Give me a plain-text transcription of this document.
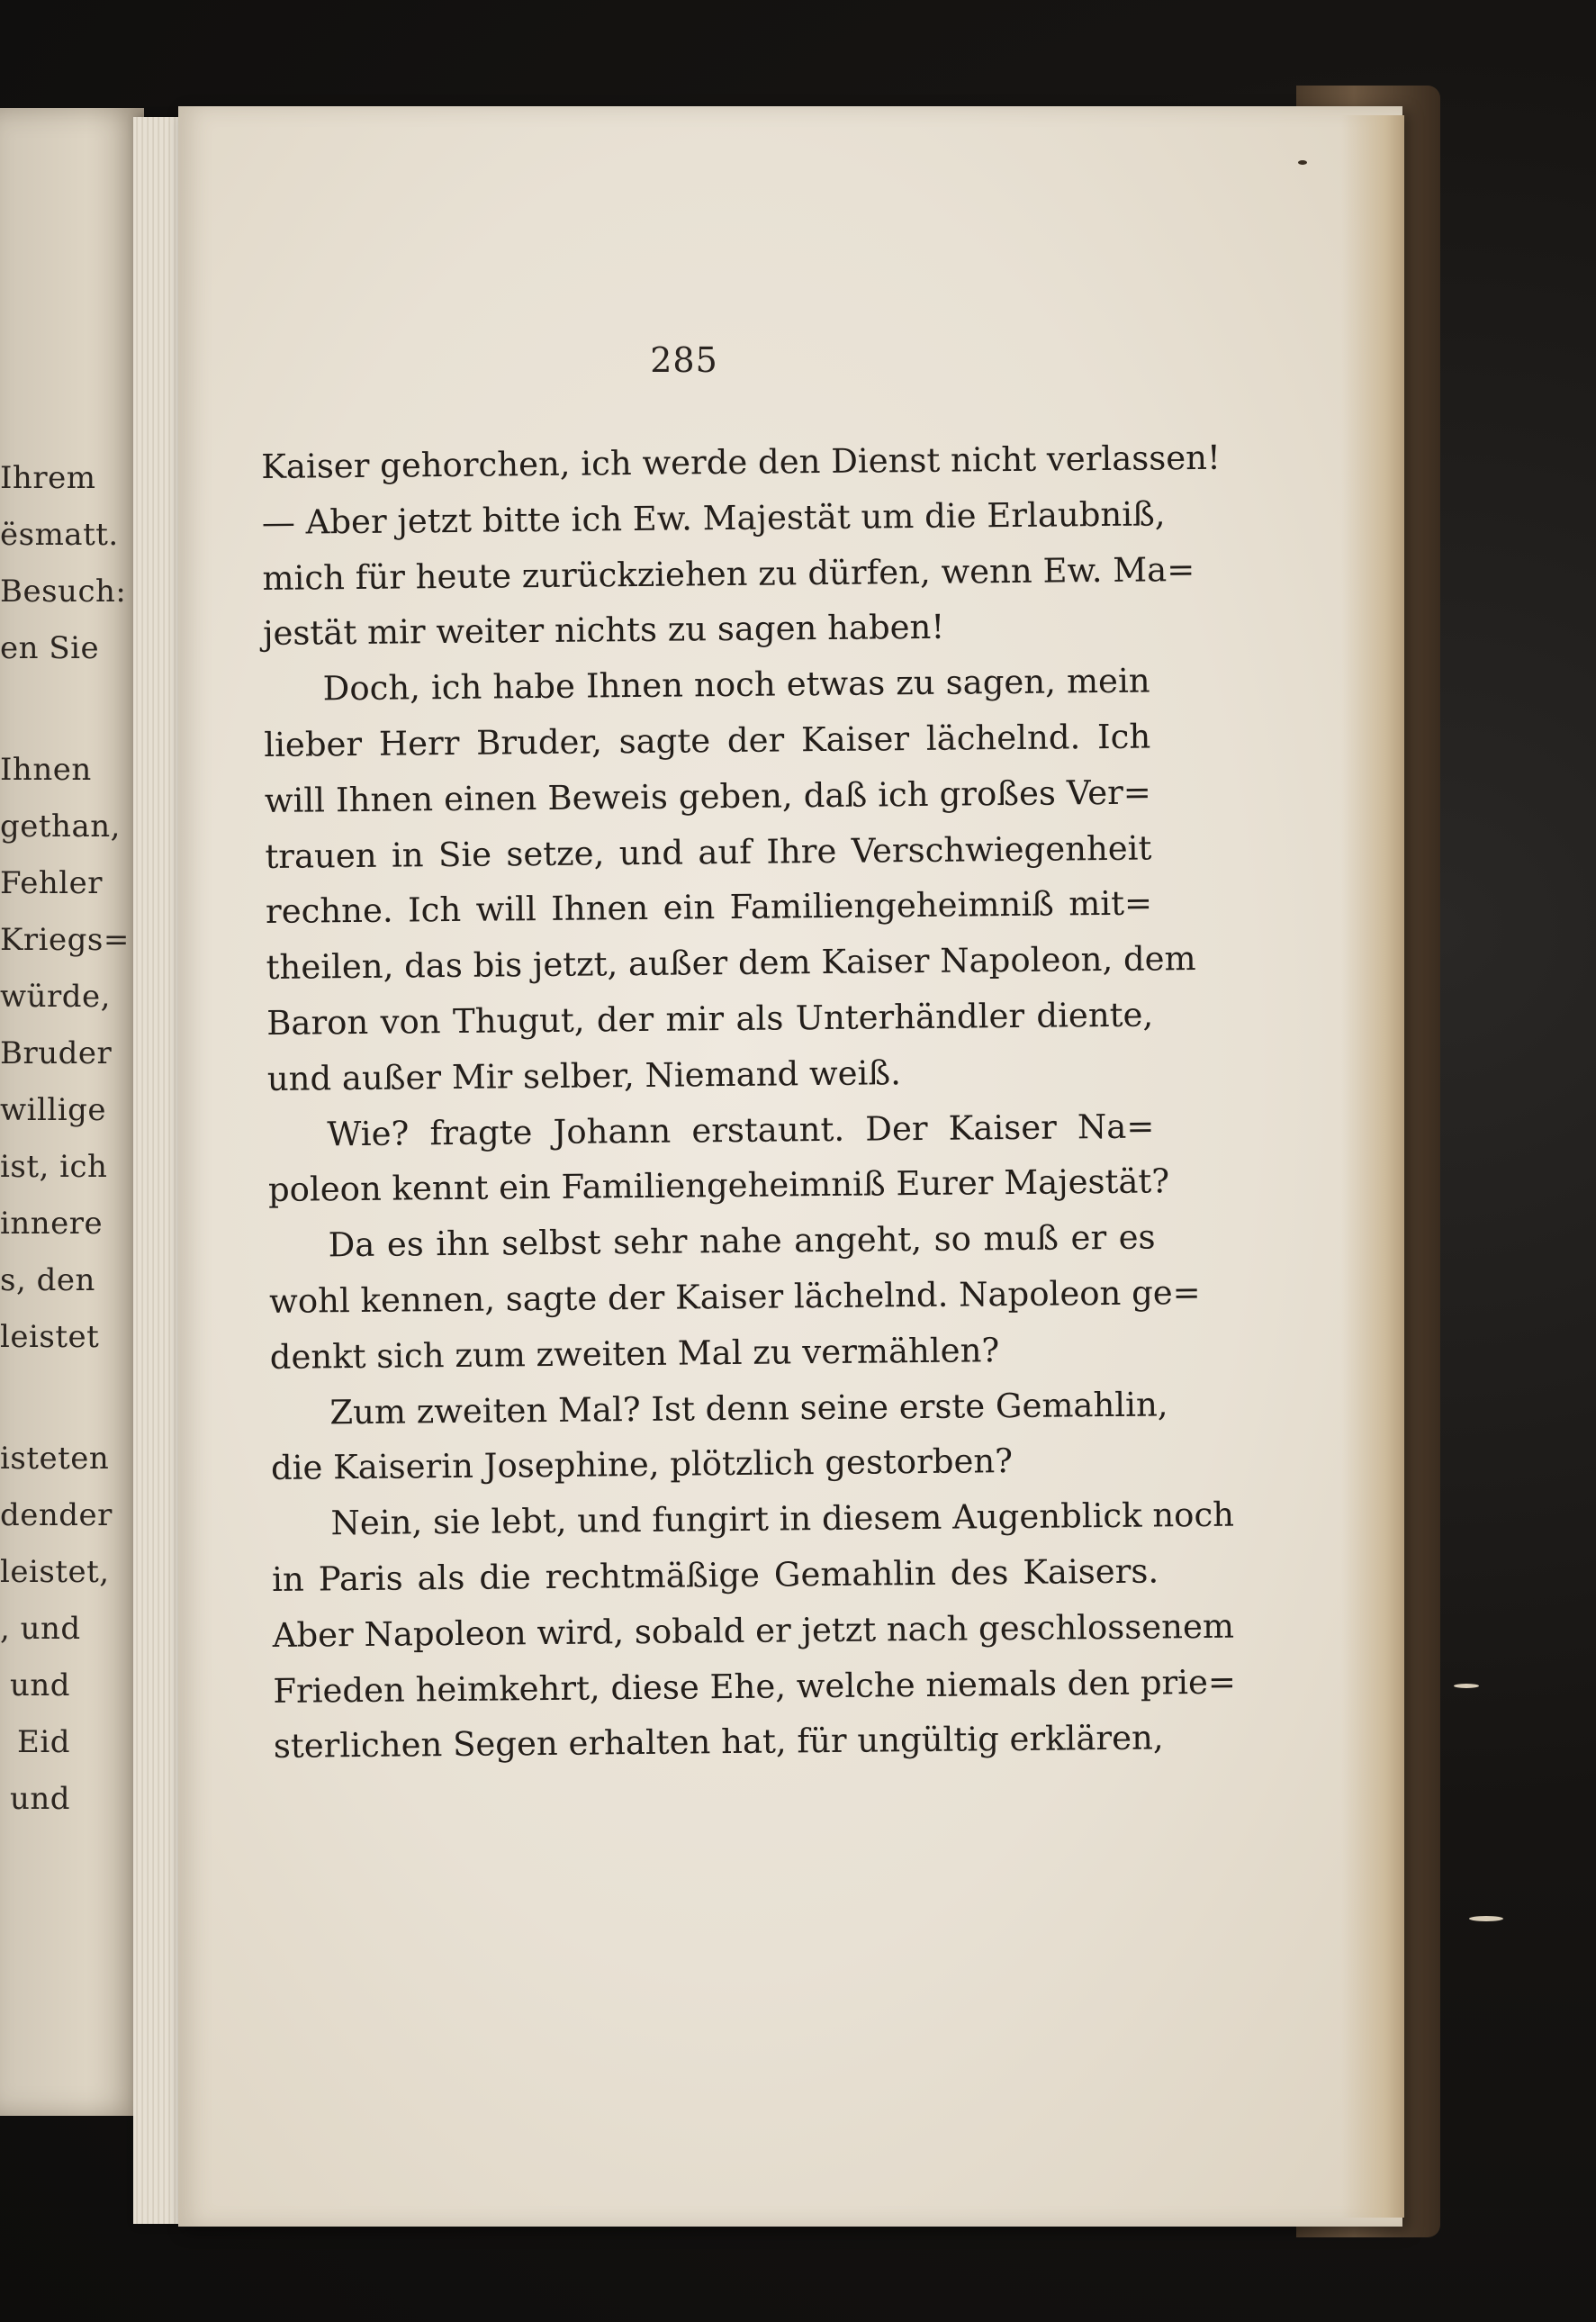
Ihrem
ësmatt.
Besuch:
en Sie
Ihnen
gethan,
Fehler
Kriegs=
würde,
Bruder
willige
ist, ich
innere
s, den
leistet
isteten
dender
leistet,
, und
und
Eid
und
285
Kaiser gehorchen, ich werde den Dienst nicht verlassen!
— Aber jetzt bitte ich Ew. Majestät um die Erlaubniß,
mich für heute zurückziehen zu dürfen, wenn Ew. Ma=
jestät mir weiter nichts zu sagen haben!
Doch, ich habe Ihnen noch etwas zu sagen, mein
lieber Herr Bruder, sagte der Kaiser lächelnd. Ich
will Ihnen einen Beweis geben, daß ich großes Ver=
trauen in Sie setze, und auf Ihre Verschwiegenheit
rechne. Ich will Ihnen ein Familiengeheimniß mit=
theilen, das bis jetzt, außer dem Kaiser Napoleon, dem
Baron von Thugut, der mir als Unterhändler diente,
und außer Mir selber, Niemand weiß.
Wie? fragte Johann erstaunt. Der Kaiser Na=
poleon kennt ein Familiengeheimniß Eurer Majestät?
Da es ihn selbst sehr nahe angeht, so muß er es
wohl kennen, sagte der Kaiser lächelnd. Napoleon ge=
denkt sich zum zweiten Mal zu vermählen?
Zum zweiten Mal? Ist denn seine erste Gemahlin,
die Kaiserin Josephine, plötzlich gestorben?
Nein, sie lebt, und fungirt in diesem Augenblick noch
in Paris als die rechtmäßige Gemahlin des Kaisers.
Aber Napoleon wird, sobald er jetzt nach geschlossenem
Frieden heimkehrt, diese Ehe, welche niemals den prie=
sterlichen Segen erhalten hat, für ungültig erklären,
